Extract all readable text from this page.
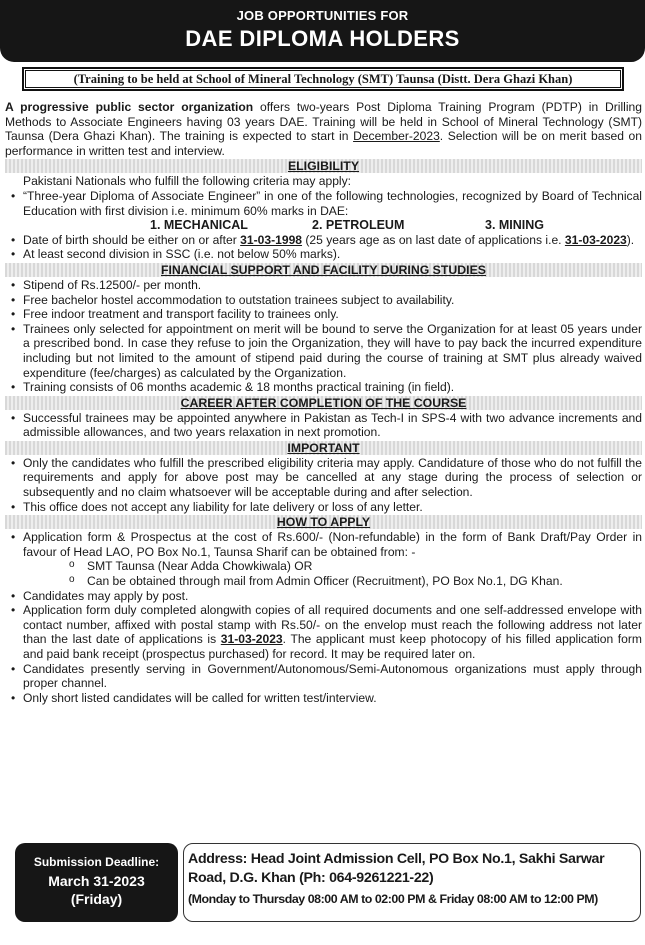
JOB OPPORTUNITIES FOR
DAE DIPLOMA HOLDERS
(Training to be held at School of Mineral Technology (SMT) Taunsa (Distt. Dera Ghazi Khan)

A progressive public sector organization offers two-years Post Diploma Training Program (PDTP) in Drilling Methods to Associate Engineers having 03 years DAE. Training will be held in School of Mineral Technology (SMT) Taunsa (Dera Ghazi Khan). The training is expected to start in December-2023. Selection will be on merit based on performance in written test and interview.

ELIGIBILITY
Pakistani Nationals who fulfill the following criteria may apply:
• “Three-year Diploma of Associate Engineer” in one of the following technologies, recognized by Board of Technical Education with first division i.e. minimum 60% marks in DAE:
1. MECHANICAL	2. PETROLEUM	3. MINING
• Date of birth should be either on or after 31-03-1998 (25 years age as on last date of applications i.e. 31-03-2023).
• At least second division in SSC (i.e. not below 50% marks).
FINANCIAL SUPPORT AND FACILITY DURING STUDIES
• Stipend of Rs.12500/- per month.
• Free bachelor hostel accommodation to outstation trainees subject to availability.
• Free indoor treatment and transport facility to trainees only.
• Trainees only selected for appointment on merit will be bound to serve the Organization for at least 05 years under a prescribed bond. In case they refuse to join the Organization, they will have to pay back the incurred expenditure including but not limited to the amount of stipend paid during the course of training at SMT plus already waived expenditure (fee/charges) as calculated by the Organization.
• Training consists of 06 months academic & 18 months practical training (in field).
CAREER AFTER COMPLETION OF THE COURSE
• Successful trainees may be appointed anywhere in Pakistan as Tech-I in SPS-4 with two advance increments and admissible allowances, and two years relaxation in next promotion.
IMPORTANT
• Only the candidates who fulfill the prescribed eligibility criteria may apply. Candidature of those who do not fulfill the requirements and apply for above post may be cancelled at any stage during the process of selection or subsequently and no claim whatsoever will be acceptable during and after selection.
• This office does not accept any liability for late delivery or loss of any letter.
HOW TO APPLY
• Application form & Prospectus at the cost of Rs.600/- (Non-refundable) in the form of Bank Draft/Pay Order in favour of Head LAO, PO Box No.1, Taunsa Sharif can be obtained from: -
o SMT Taunsa (Near Adda Chowkiwala) OR
o Can be obtained through mail from Admin Officer (Recruitment), PO Box No.1, DG Khan.
• Candidates may apply by post.
• Application form duly completed alongwith copies of all required documents and one self-addressed envelope with contact number, affixed with postal stamp with Rs.50/- on the envelop must reach the following address not later than the last date of applications is 31-03-2023. The applicant must keep photocopy of his filled application form and paid bank receipt (prospectus purchased) for record. It may be required later on.
• Candidates presently serving in Government/Autonomous/Semi-Autonomous organizations must apply through proper channel.
• Only short listed candidates will be called for written test/interview.
Submission Deadline:
March 31-2023
(Friday)
Address: Head Joint Admission Cell, PO Box No.1, Sakhi Sarwar Road, D.G. Khan (Ph: 064-9261221-22)
(Monday to Thursday 08:00 AM to 02:00 PM & Friday 08:00 AM to 12:00 PM)
